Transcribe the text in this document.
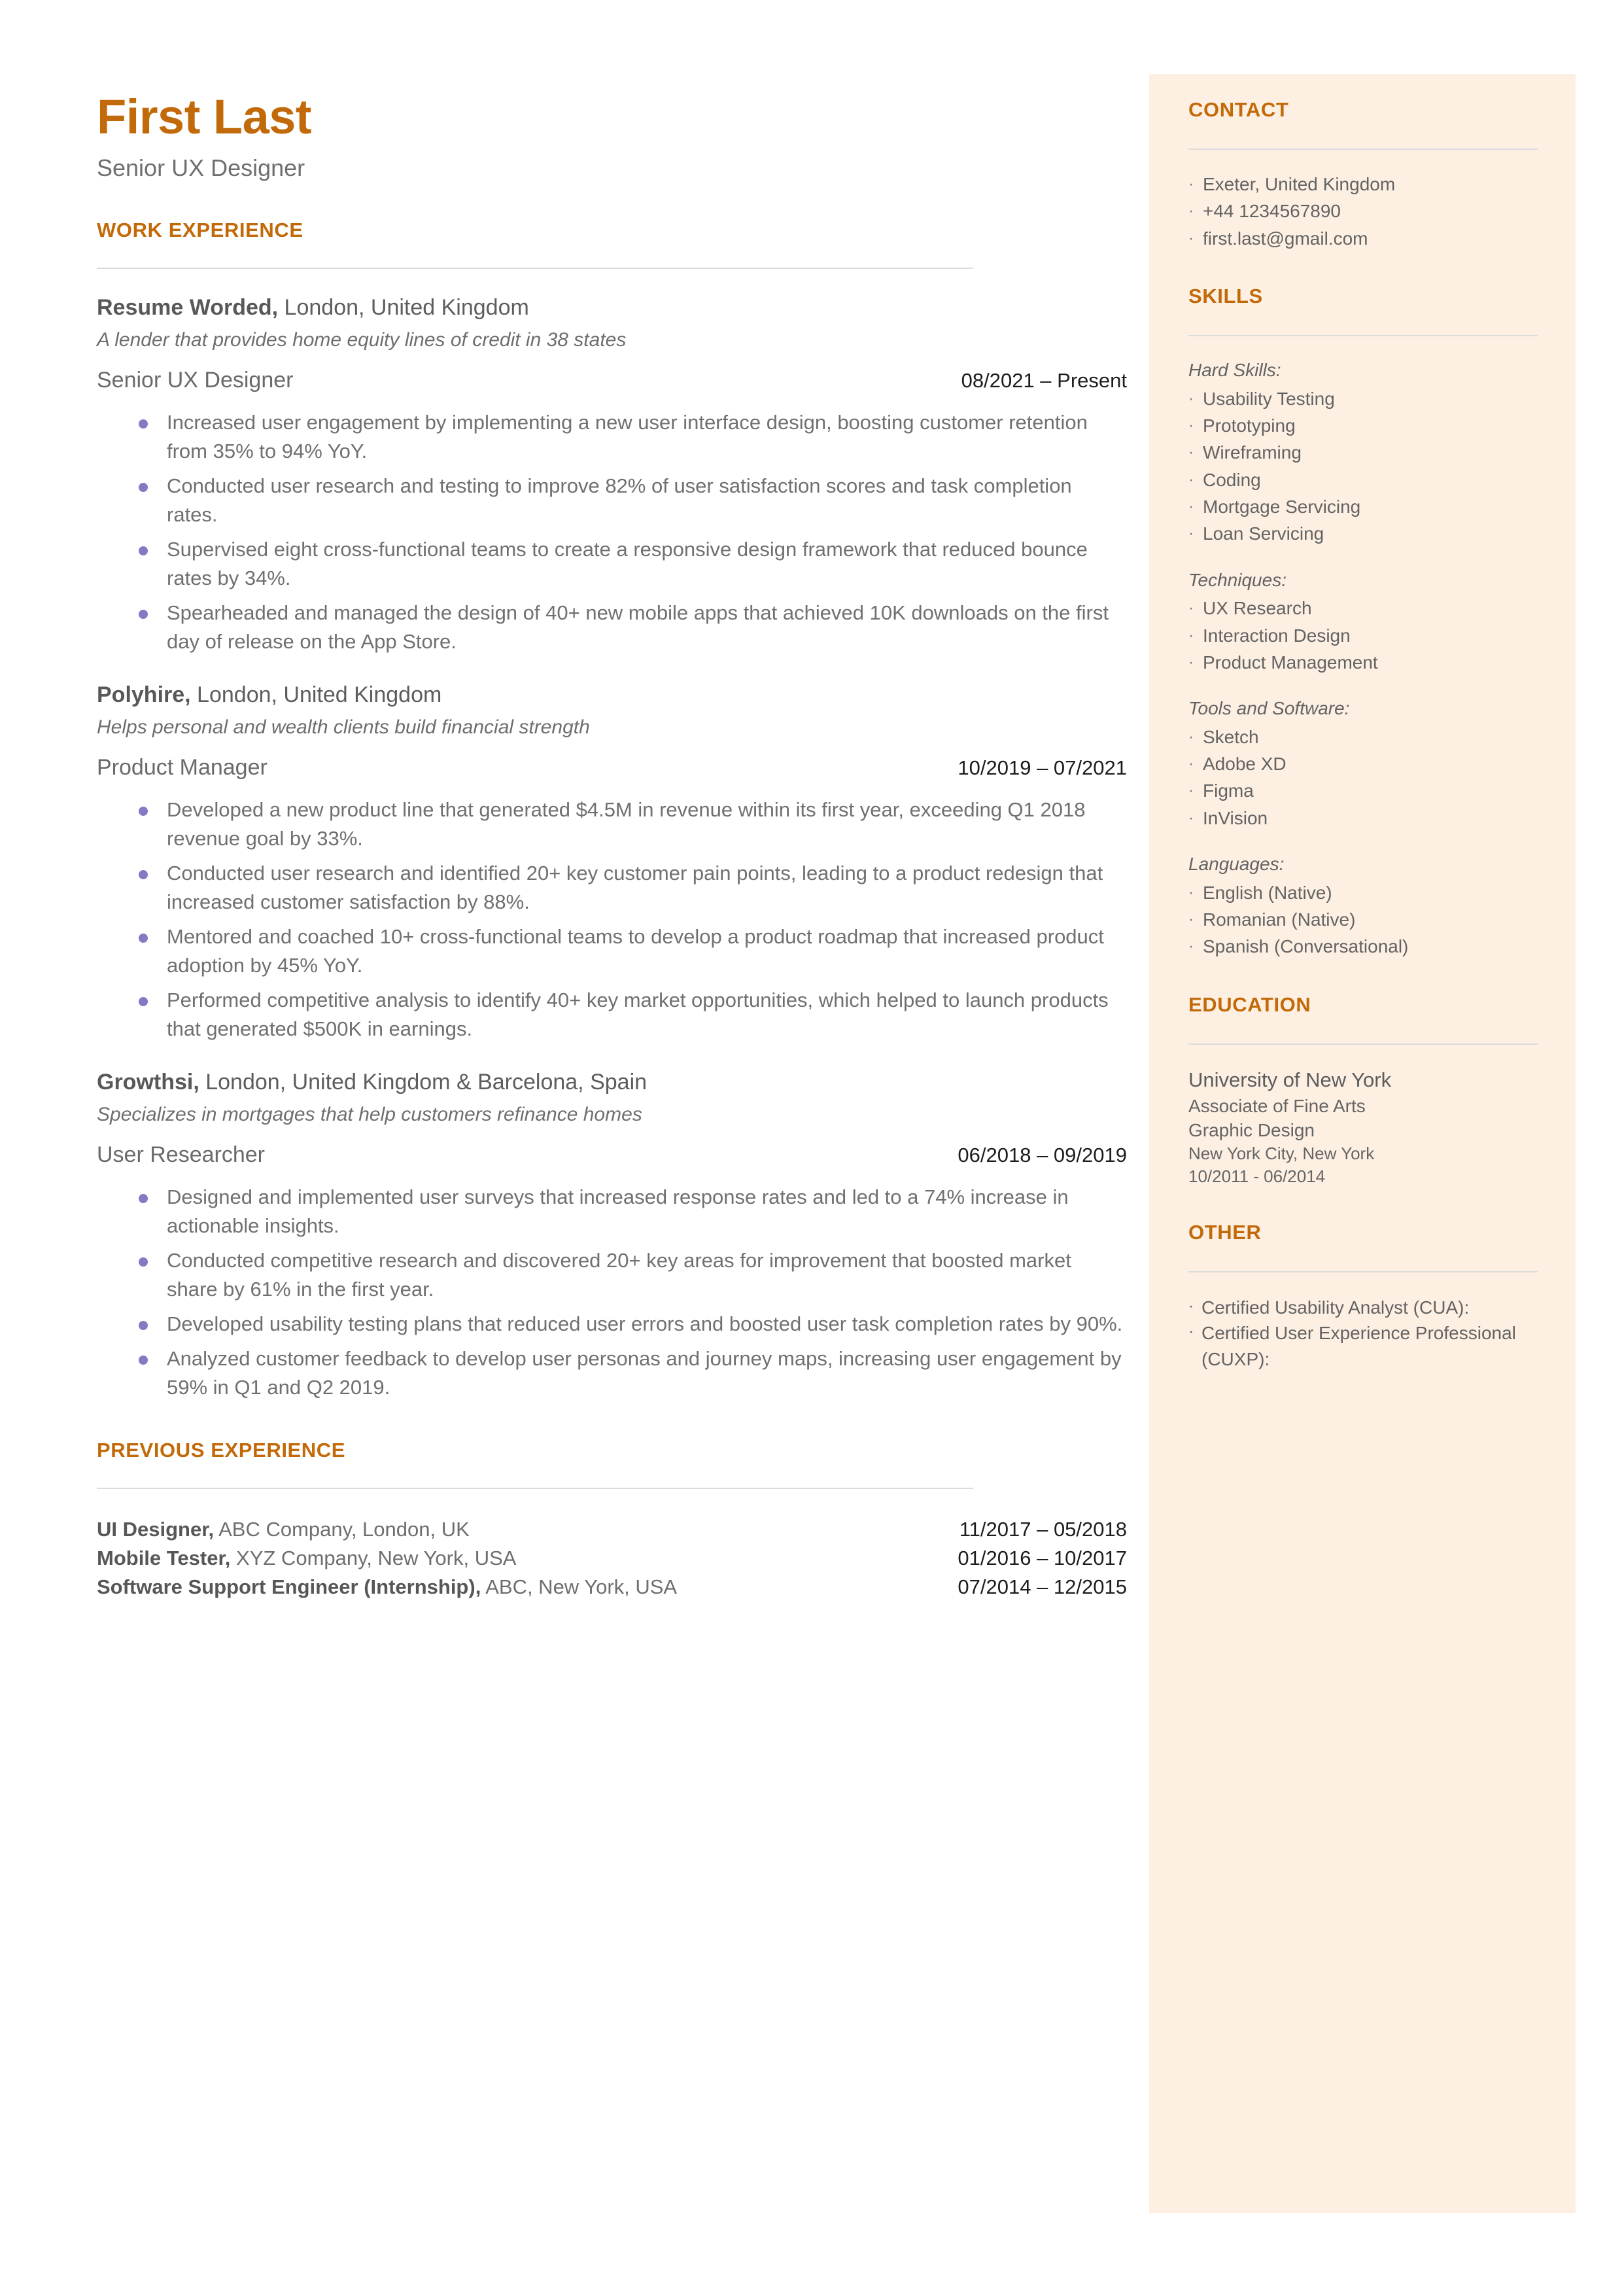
First Last
Senior UX Designer
WORK EXPERIENCE
Resume Worded, London, United Kingdom
A lender that provides home equity lines of credit in 38 states
Senior UX Designer	08/2021 – Present
Increased user engagement by implementing a new user interface design, boosting customer retention from 35% to 94% YoY.
Conducted user research and testing to improve 82% of user satisfaction scores and task completion rates.
Supervised eight cross-functional teams to create a responsive design framework that reduced bounce rates by 34%.
Spearheaded and managed the design of 40+ new mobile apps that achieved 10K downloads on the first day of release on the App Store.
Polyhire, London, United Kingdom
Helps personal and wealth clients build financial strength
Product Manager	10/2019 – 07/2021
Developed a new product line that generated $4.5M in revenue within its first year, exceeding Q1 2018 revenue goal by 33%.
Conducted user research and identified 20+ key customer pain points, leading to a product redesign that increased customer satisfaction by 88%.
Mentored and coached 10+ cross-functional teams to develop a product roadmap that increased product adoption by 45% YoY.
Performed competitive analysis to identify 40+ key market opportunities, which helped to launch products that generated $500K in earnings.
Growthsi, London, United Kingdom & Barcelona, Spain
Specializes in mortgages that help customers refinance homes
User Researcher	06/2018 – 09/2019
Designed and implemented user surveys that increased response rates and led to a 74% increase in actionable insights.
Conducted competitive research and discovered 20+ key areas for improvement that boosted market share by 61% in the first year.
Developed usability testing plans that reduced user errors and boosted user task completion rates by 90%.
Analyzed customer feedback to develop user personas and journey maps, increasing user engagement by 59% in Q1 and Q2 2019.
PREVIOUS EXPERIENCE
UI Designer, ABC Company, London, UK	11/2017 – 05/2018
Mobile Tester, XYZ Company, New York, USA	01/2016 – 10/2017
Software Support Engineer (Internship), ABC, New York, USA	07/2014 – 12/2015
CONTACT
· Exeter, United Kingdom
· +44 1234567890
· first.last@gmail.com
SKILLS
Hard Skills:
· Usability Testing
· Prototyping
· Wireframing
· Coding
· Mortgage Servicing
· Loan Servicing
Techniques:
· UX Research
· Interaction Design
· Product Management
Tools and Software:
· Sketch
· Adobe XD
· Figma
· InVision
Languages:
· English (Native)
· Romanian (Native)
· Spanish (Conversational)
EDUCATION
University of New York
Associate of Fine Arts
Graphic Design
New York City, New York
10/2011 - 06/2014
OTHER
· Certified Usability Analyst (CUA):
· Certified User Experience Professional (CUXP):
